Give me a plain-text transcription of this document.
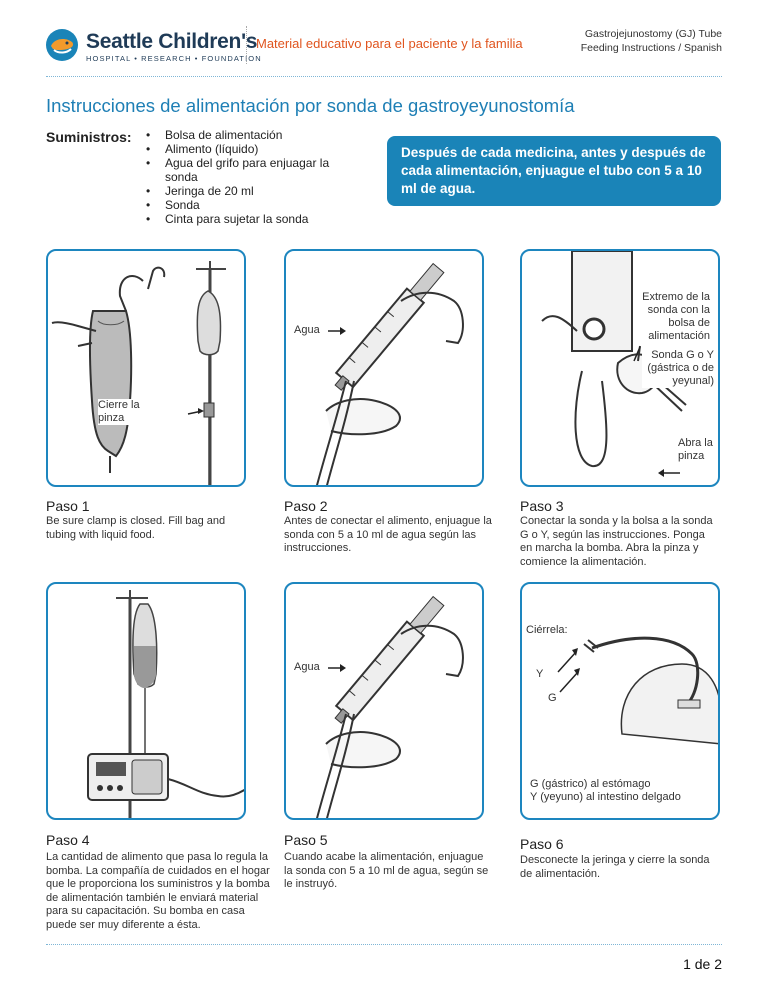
Seattle Children's
HOSPITAL • RESEARCH • FOUNDATION
Material educativo para el paciente y la familia
Gastrojejunostomy (GJ) Tube
Feeding Instructions / Spanish
Instrucciones de alimentación por sonda de gastroyeyunostomía
Suministros:
•	Bolsa de alimentación
• Alimento (líquido)
• Agua del grifo para enjuagar la sonda
• Jeringa de 20 ml
• Sonda
• Cinta para sujetar la sonda
Después de cada medicina, antes y después de cada alimentación, enjuague el tubo con 5 a 10 ml de agua.
Cierre la pinza
Agua
Extremo de la sonda con la bolsa de alimentación
Sonda G o Y (gástrica o de yeyunal)
Abra la pinza
Paso 1
Be sure clamp is closed. Fill bag and tubing with liquid food.
Paso 2
Antes de conectar el alimento, enjuague la sonda con 5 a 10 ml de agua según las instrucciones.
Paso 3
Conectar la sonda y la bolsa a la sonda G o Y, según las instrucciones. Ponga en marcha la bomba. Abra la pinza y comience la alimentación.
Agua
Ciérrela:
Y
G
G (gástrico) al estómago
Y (yeyuno) al intestino delgado
Paso 4
La cantidad de alimento que pasa lo regula la bomba. La compañía de cuidados en el hogar que le proporciona los suministros y la bomba de alimentación también le enviará material para su capacitación. Su bomba en casa puede ser muy diferente a ésta.
Paso 5
Cuando acabe la alimentación, enjuague la sonda con 5 a 10 ml de agua, según se le instruyó.
Paso 6
Desconecte la jeringa y cierre la sonda de alimentación.
1 de 2
